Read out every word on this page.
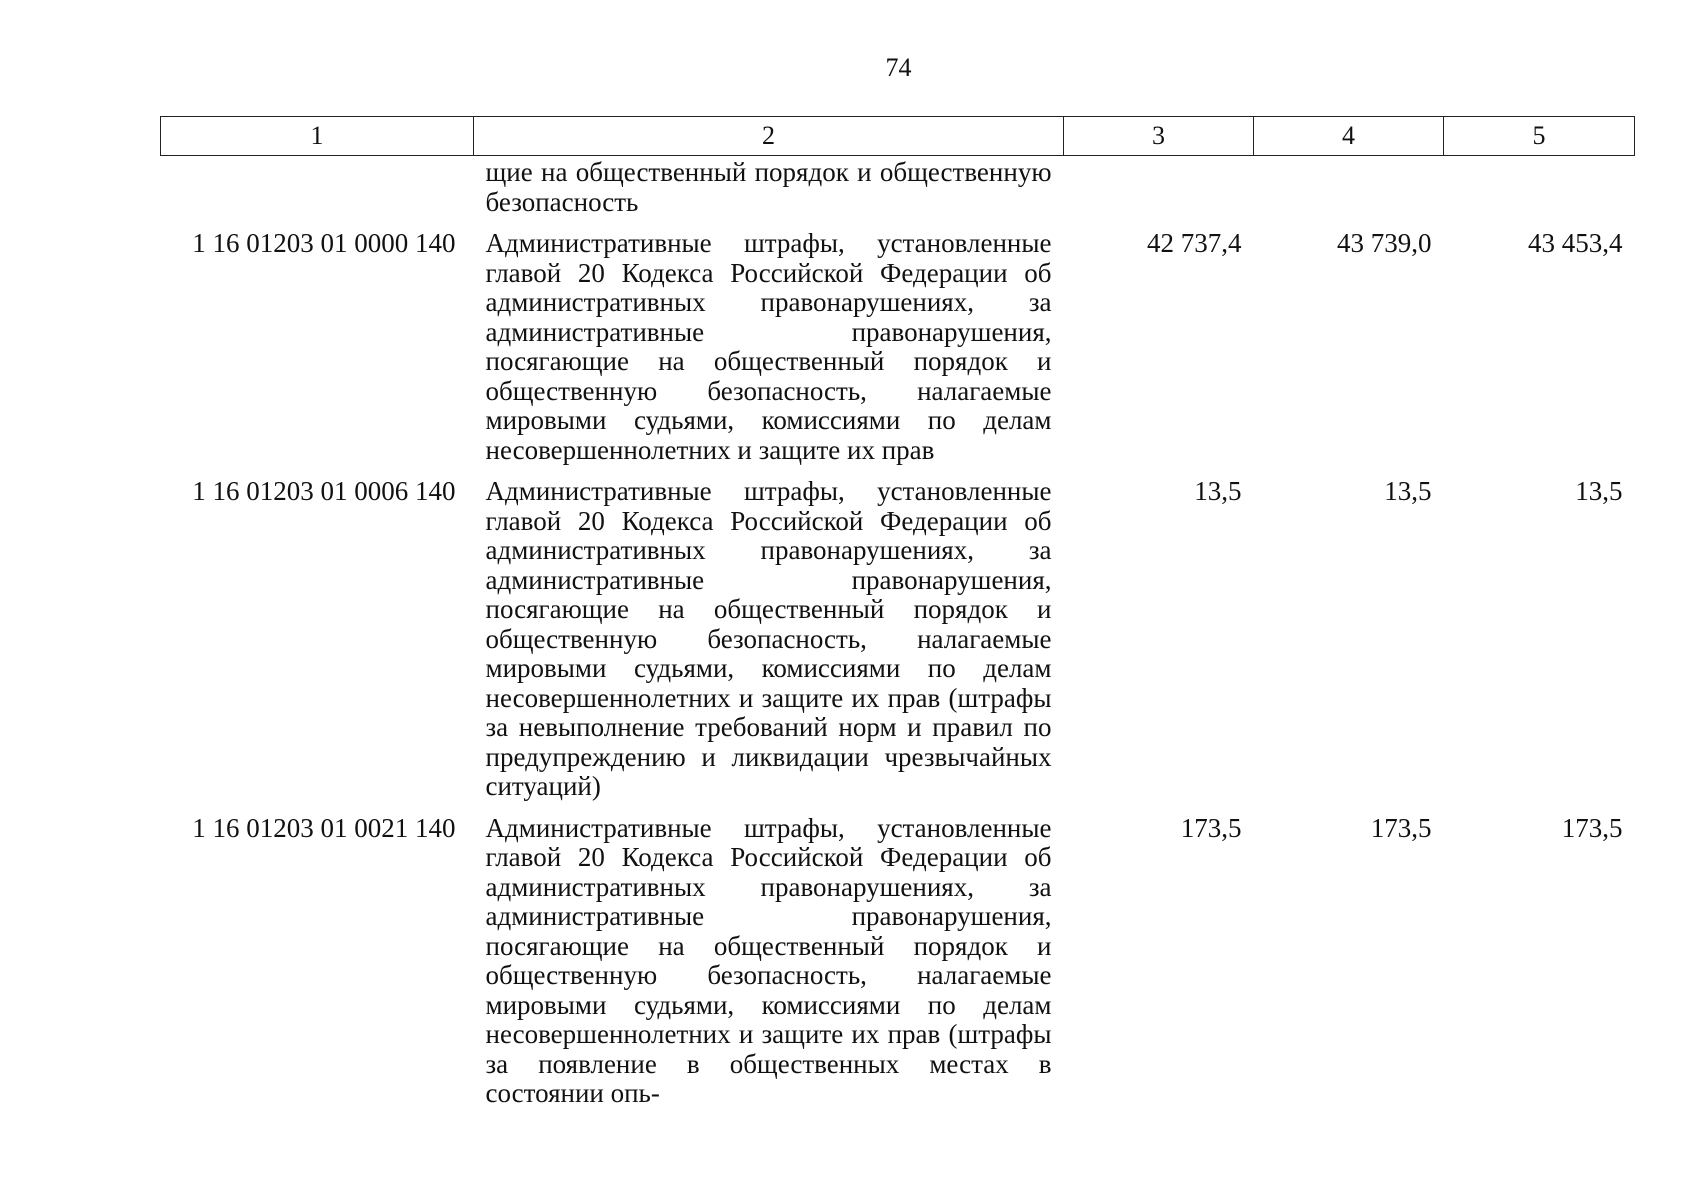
74
1	2	3	4	5
	щие на общественный порядок и общественную безопасность			
1 16 01203 01 0000 140	Административные штрафы, установленные главой 20 Кодекса Российской Федерации об административных правонарушениях, за административные правонарушения, посягающие на общественный порядок и общественную безопасность, налагаемые мировыми судьями, комиссиями по делам несовершеннолетних и защите их прав	42 737,4	43 739,0	43 453,4
1 16 01203 01 0006 140	Административные штрафы, установленные главой 20 Кодекса Российской Федерации об административных правонарушениях, за административные правонарушения, посягающие на общественный порядок и общественную безопасность, налагаемые мировыми судьями, комиссиями по делам несовершеннолетних и защите их прав (штрафы за невыполнение требований норм и правил по предупреждению и ликвидации чрезвычайных ситуаций)	13,5	13,5	13,5
1 16 01203 01 0021 140	Административные штрафы, установленные главой 20 Кодекса Российской Федерации об административных правонарушениях, за административные правонарушения, посягающие на общественный порядок и общественную безопасность, налагаемые мировыми судьями, комиссиями по делам несовершеннолетних и защите их прав (штрафы за появление в общественных местах в состоянии опь-	173,5	173,5	173,5
